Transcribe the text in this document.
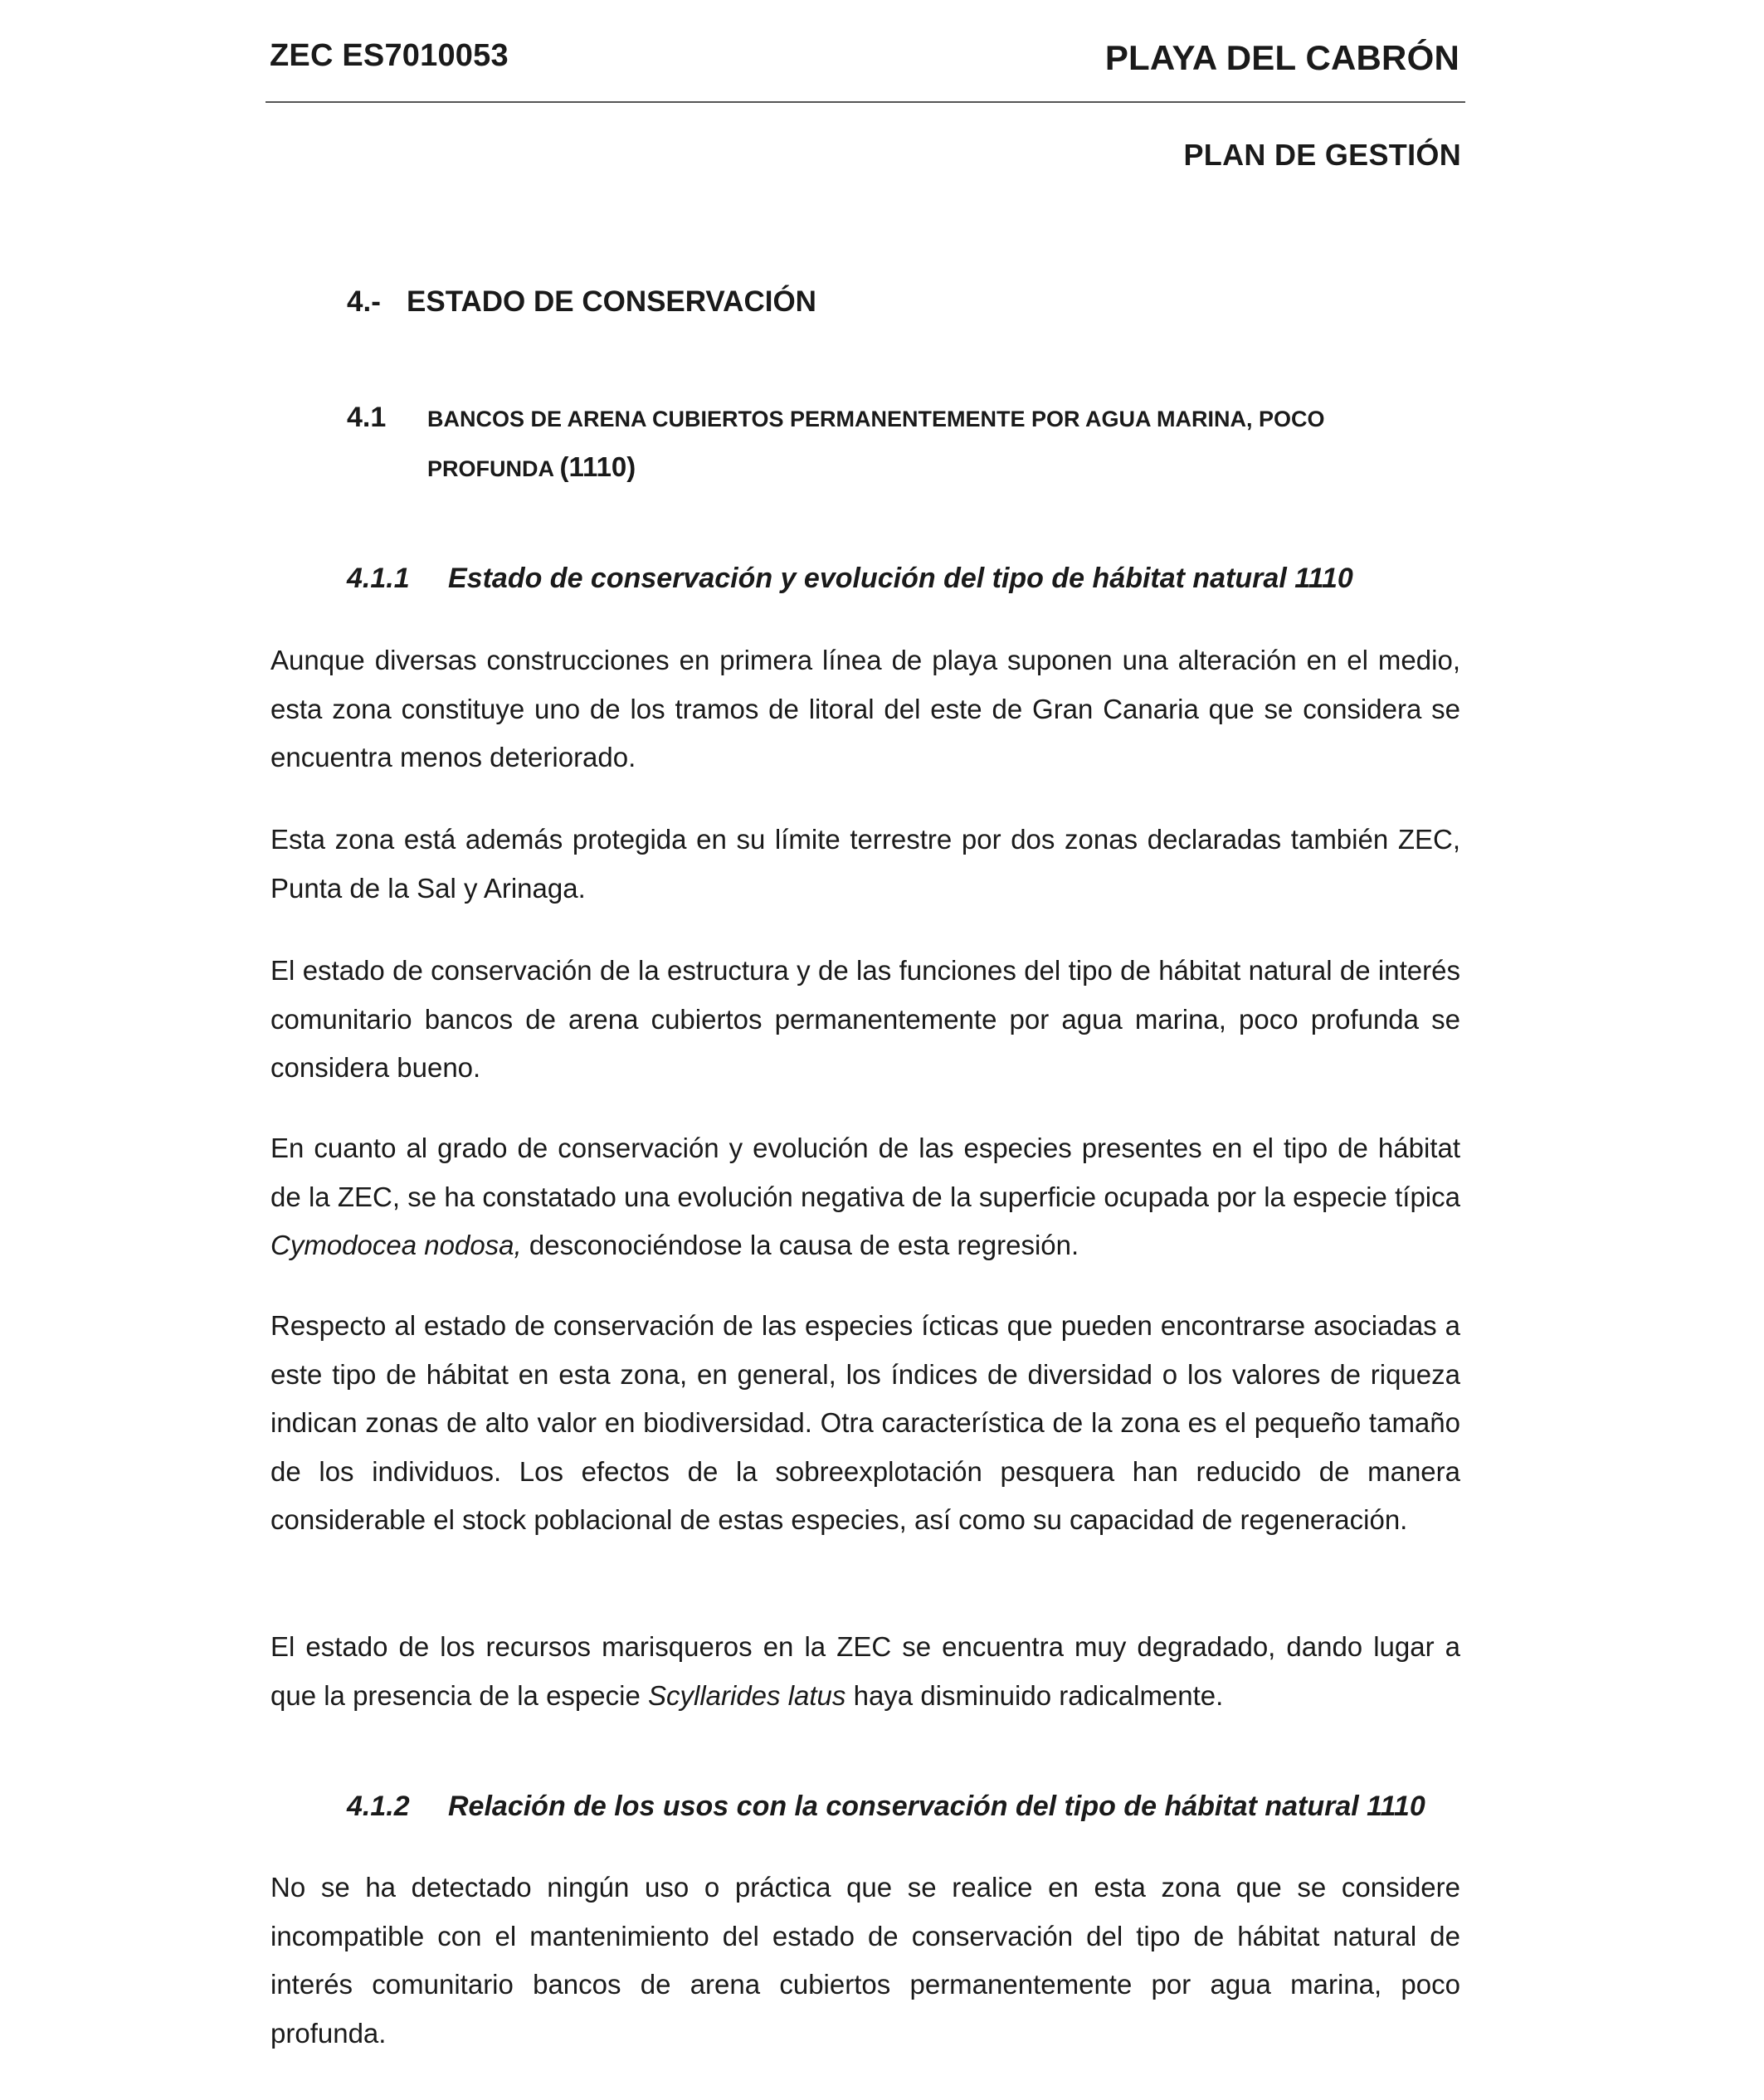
ZEC ES7010053	PLAYA DEL CABRÓN
PLAN DE GESTIÓN
4.- ESTADO DE CONSERVACIÓN
4.1 BANCOS DE ARENA CUBIERTOS PERMANENTEMENTE POR AGUA MARINA, POCO
PROFUNDA (1110)
4.1.1 Estado de conservación y evolución del tipo de hábitat natural 1110

Aunque diversas construcciones en primera línea de playa suponen una alteración en el medio, esta zona constituye uno de los tramos de litoral del este de Gran Canaria que se considera se encuentra menos deteriorado.

Esta zona está además protegida en su límite terrestre por dos zonas declaradas también ZEC, Punta de la Sal y Arinaga.

El estado de conservación de la estructura y de las funciones del tipo de hábitat natural de interés comunitario bancos de arena cubiertos permanentemente por agua marina, poco profunda se considera bueno.

En cuanto al grado de conservación y evolución de las especies presentes en el tipo de hábitat de la ZEC, se ha constatado una evolución negativa de la superficie ocupada por la especie típica Cymodocea nodosa, desconociéndose la causa de esta regresión.

Respecto al estado de conservación de las especies ícticas que pueden encontrarse asociadas a este tipo de hábitat en esta zona, en general, los índices de diversidad o los valores de riqueza indican zonas de alto valor en biodiversidad. Otra característica de la zona es el pequeño tamaño de los individuos. Los efectos de la sobreexplotación pesquera han reducido de manera considerable el stock poblacional de estas especies, así como su capacidad de regeneración.

El estado de los recursos marisqueros en la ZEC se encuentra muy degradado, dando lugar a que la presencia de la especie Scyllarides latus haya disminuido radicalmente.

4.1.2 Relación de los usos con la conservación del tipo de hábitat natural 1110

No se ha detectado ningún uso o práctica que se realice en esta zona que se considere incompatible con el mantenimiento del estado de conservación del tipo de hábitat natural de interés comunitario bancos de arena cubiertos permanentemente por agua marina, poco profunda.
